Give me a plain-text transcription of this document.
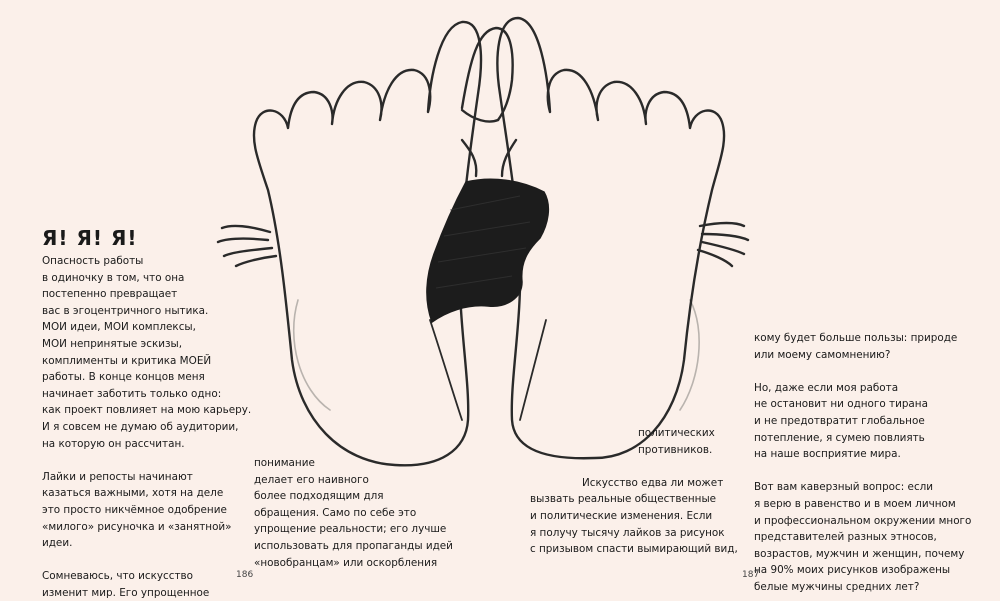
Я! Я! Я!

Опасность работы
в одиночку в том, что она
постепенно превращает
вас в эгоцентричного нытика.
МОИ идеи, МОИ комплексы,
МОИ непринятые эскизы,
комплименты и критика МОЕЙ
работы. В конце концов меня
начинает заботить только одно:
как проект повлияет на мою карьеру.
И я совсем не думаю об аудитории,
на которую он рассчитан.

Лайки и репосты начинают
казаться важными, хотя на деле
это просто никчёмное одобрение
«милого» рисуночка и «занятной»
идеи.

Сомневаюсь, что искусство
изменит мир. Его упрощенное

понимание
делает его наивного
более подходящим для
обращения. Само по себе это
упрощение реальности; его лучше
использовать для пропаганды идей
«новобранцам» или оскорбления

политических
противников.

Искусство едва ли может
вызвать реальные общественные
и политические изменения. Если
я получу тысячу лайков за рисунок
с призывом спасти вымирающий вид,

кому будет больше пользы: природе
или моему самомнению?

Но, даже если моя работа
не остановит ни одного тирана
и не предотвратит глобальное
потепление, я сумею повлиять
на наше восприятие мира.

Вот вам каверзный вопрос: если
я верю в равенство и в моем личном
и профессиональном окружении много
представителей разных этносов,
возрастов, мужчин и женщин, почему
на 90% моих рисунков изображены
белые мужчины средних лет?

186	187
